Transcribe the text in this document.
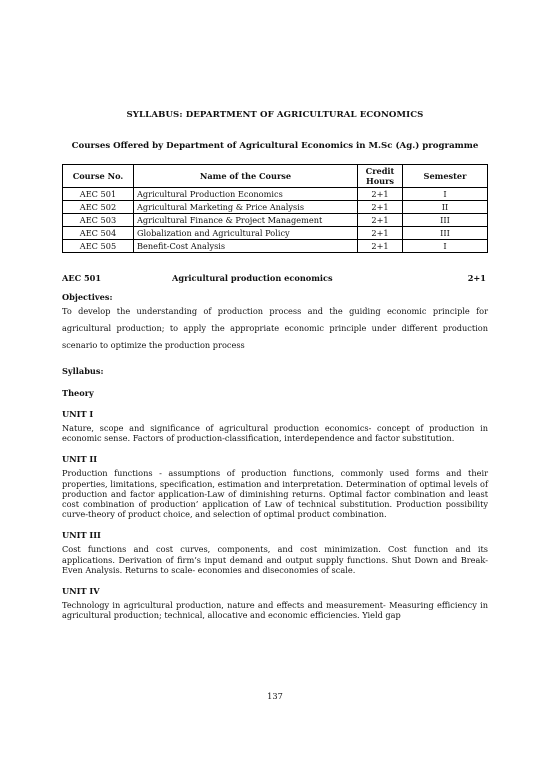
SYLLABUS: DEPARTMENT OF AGRICULTURAL ECONOMICS

Courses Offered by Department of Agricultural Economics in M.Sc (Ag.) programme

Course No.	Name of the Course	Credit Hours	Semester
AEC 501	Agricultural Production Economics	2+1	I
AEC 502	Agricultural Marketing & Price Analysis	2+1	II
AEC 503	Agricultural Finance & Project Management	2+1	III
AEC 504	Globalization and Agricultural Policy	2+1	III
AEC 505	Benefit-Cost Analysis	2+1	I
AEC 501	Agricultural production economics	2+1

Objectives:

To develop the understanding of production process and the guiding economic principle for agricultural production; to apply the appropriate economic principle under different production scenario to optimize the production process

Syllabus:

Theory

UNIT I

Nature, scope and significance of agricultural production economics- concept of production in economic sense. Factors of production-classification, interdependence and factor substitution.

UNIT II

Production functions - assumptions of production functions, commonly used forms and their properties, limitations, specification, estimation and interpretation. Determination of optimal levels of production and factor application-Law of diminishing returns. Optimal factor combination and least cost combination of production’ application of Law of technical substitution. Production possibility curve-theory of product choice, and selection of optimal product combination.

UNIT III

Cost functions and cost curves, components, and cost minimization. Cost function and its applications. Derivation of firm’s input demand and output supply functions. Shut Down and Break-Even Analysis. Returns to scale- economies and diseconomies of scale.

UNIT IV

Technology in agricultural production, nature and effects and measurement- Measuring efficiency in agricultural production; technical, allocative and economic efficiencies. Yield gap

137
